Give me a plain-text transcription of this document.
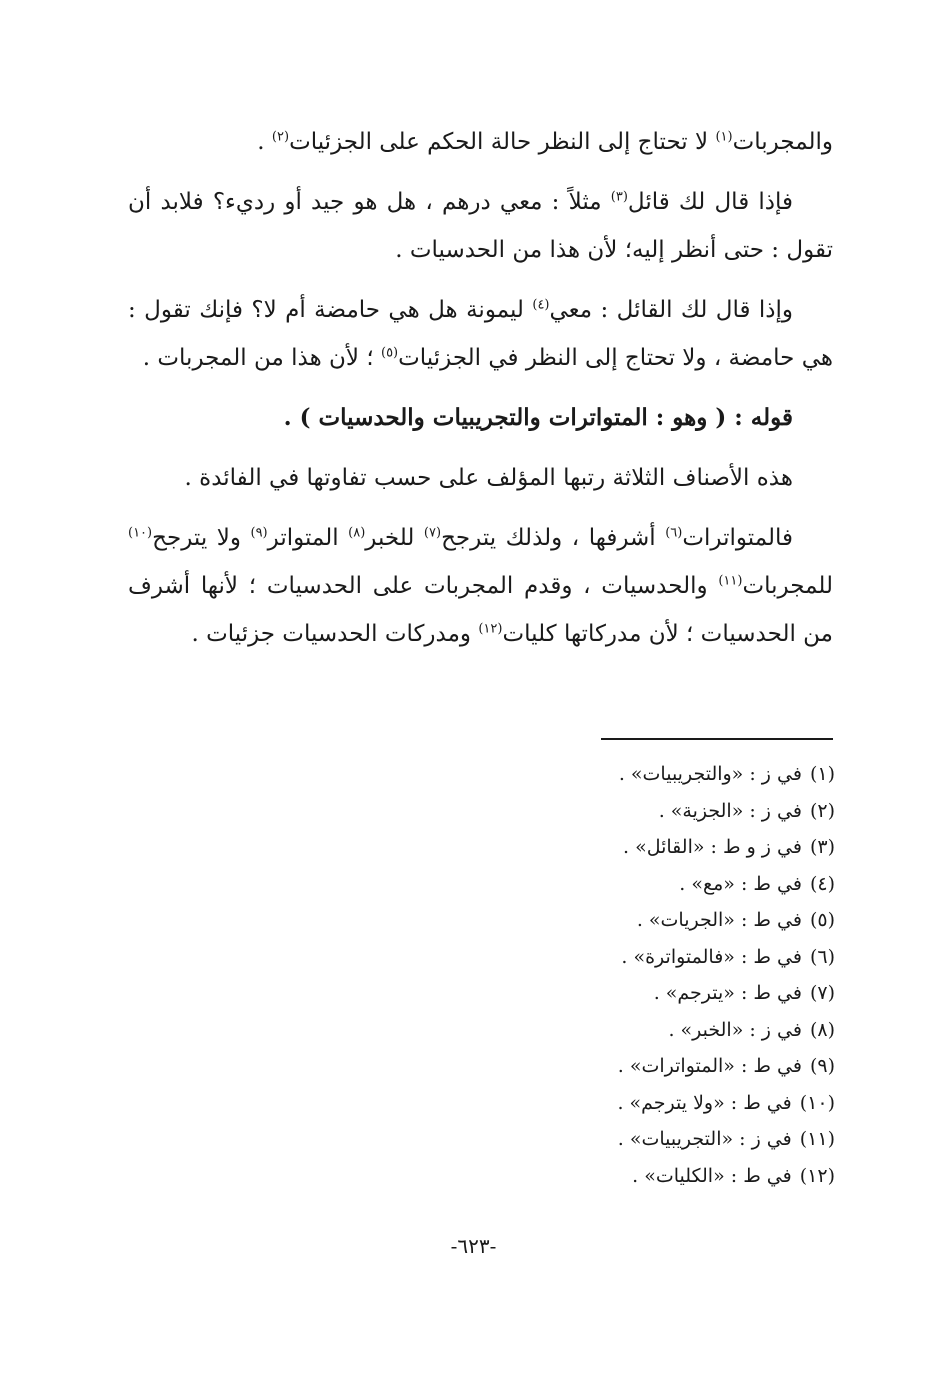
والمجربات$^{(١)}$ لا تحتاج إلى النظر حالة الحكم على الجزئيات$^{(٢)}$ .

فإذا قال لك قائل$^{(٣)}$ مثلاً : معي درهم ، هل هو جيد أو رديء؟ فلابد أن تقول : حتى أنظر إليه؛ لأن هذا من الحدسيات .

وإذا قال لك القائل : معي$^{(٤)}$ ليمونة هل هي حامضة أم لا؟ فإنك تقول : هي حامضة ، ولا تحتاج إلى النظر في الجزئيات$^{(٥)}$ ؛ لأن هذا من المجربات .

قوله : ( وهو : المتواترات والتجريبيات والحدسيات ) .

هذه الأصناف الثلاثة رتبها المؤلف على حسب تفاوتها في الفائدة .

فالمتواترات$^{(٦)}$ أشرفها ، ولذلك يترجح$^{(٧)}$ للخبر$^{(٨)}$ المتواتر$^{(٩)}$ ولا يترجح$^{(١٠)}$ للمجربات$^{(١١)}$ والحدسيات ، وقدم المجربات على الحدسيات ؛ لأنها أشرف من الحدسيات ؛ لأن مدركاتها كليات$^{(١٢)}$ ومدركات الحدسيات جزئيات .

(١)في ز : «والتجريبيات» .
(٢)في ز : «الجزية» .
(٣)في ز و ط : «القائل» .
(٤)في ط : «مع» .
(٥)في ط : «الجريات» .
(٦)في ط : «فالمتواترة» .
(٧)في ط : «يترجم» .
(٨)في ز : «الخبر» .
(٩)في ط : «المتواترات» .
(١٠)في ط : «ولا يترجم» .
(١١)في ز : «التجريبيات» .
(١٢)في ط : «الكليات» .
-٦٢٣-
